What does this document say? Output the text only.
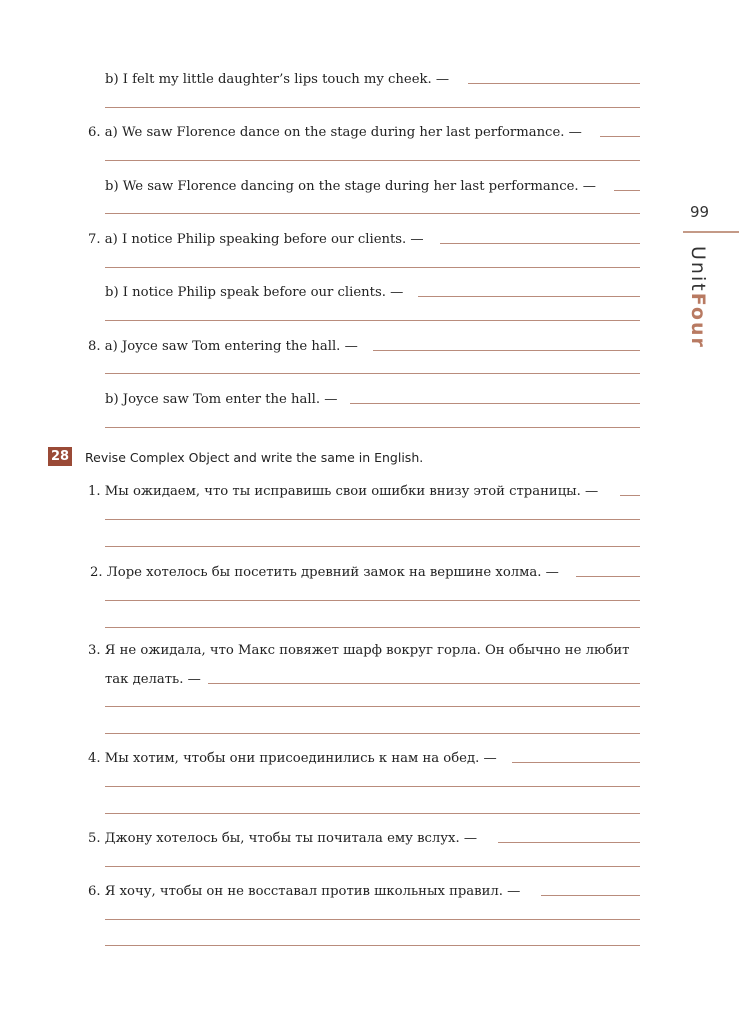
99
UnitFour
b) I felt my little daughter’s lips touch my cheek. —
6. a) We saw Florence dance on the stage during her last performance. —
b) We saw Florence dancing on the stage during her last performance. —
7. a) I notice Philip speaking before our clients. —
b) I notice Philip speak before our clients. —
8. a) Joyce saw Tom entering the hall. —
b) Joyce saw Tom enter the hall. —
28 Revise Complex Object and write the same in English.
1. Мы ожидаем, что ты исправишь свои ошибки внизу этой страницы. —
2. Лоре хотелось бы посетить древний замок на вершине холма. —
3. Я не ожидала, что Макс повяжет шарф вокруг горла. Он обычно не любит
так делать. —
4. Мы хотим, чтобы они присоединились к нам на обед. —
5. Джону хотелось бы, чтобы ты почитала ему вслух. —
6. Я хочу, чтобы он не восставал против школьных правил. —
